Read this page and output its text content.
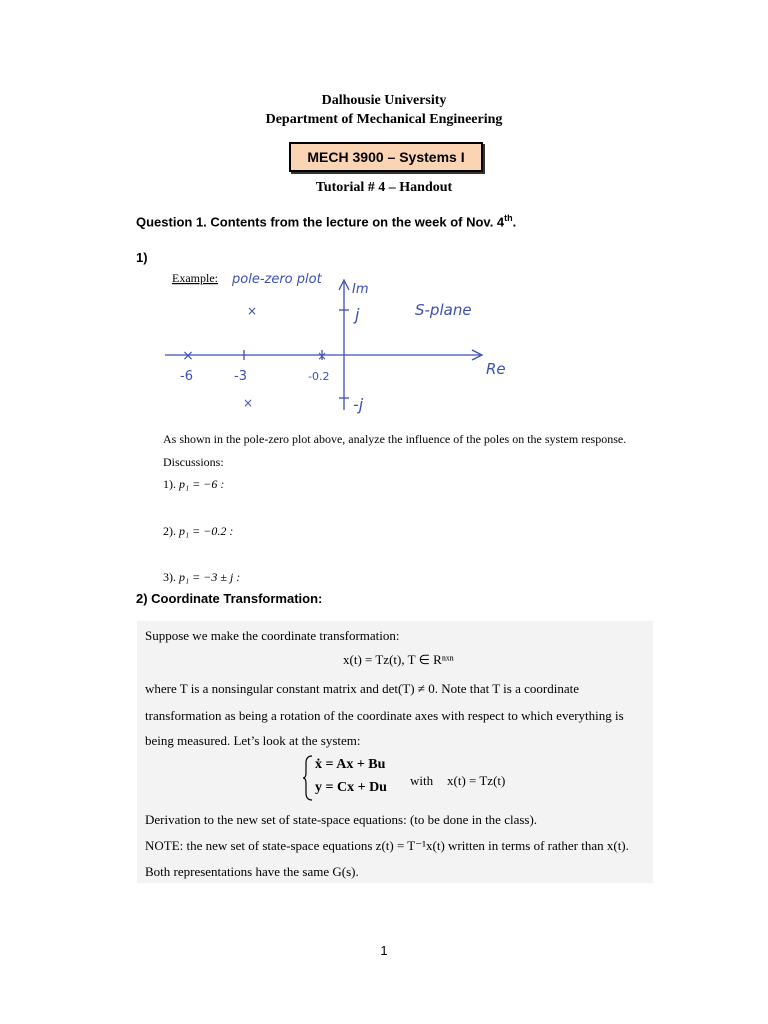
Dalhousie University
Department of Mechanical Engineering
MECH 3900 – Systems I
Tutorial # 4 – Handout
Question 1. Contents from the lecture on the week of Nov. 4th.
1)
Example: pole-zero plot
Im
S-plane
Re
j
-j
-6	-3	-0.2
×	×
×
×
As shown in the pole-zero plot above, analyze the influence of the poles on the system response.
Discussions:
1). p₁ = −6 :
2). p₁ = −0.2 :
3). p₁ = −3 ± j :
2) Coordinate Transformation:
Suppose we make the coordinate transformation:
x(t) = Tz(t), T ∈ Rⁿˣⁿ
where T is a nonsingular constant matrix and det(T) ≠ 0. Note that T is a coordinate
transformation as being a rotation of the coordinate axes with respect to which everything is
being measured. Let’s look at the system:
ẋ = Ax + Bu
y = Cx + Du with x(t) = Tz(t)
Derivation to the new set of state-space equations: (to be done in the class).
NOTE: the new set of state-space equations z(t) = T⁻¹x(t) written in terms of rather than x(t).
Both representations have the same G(s).
1
